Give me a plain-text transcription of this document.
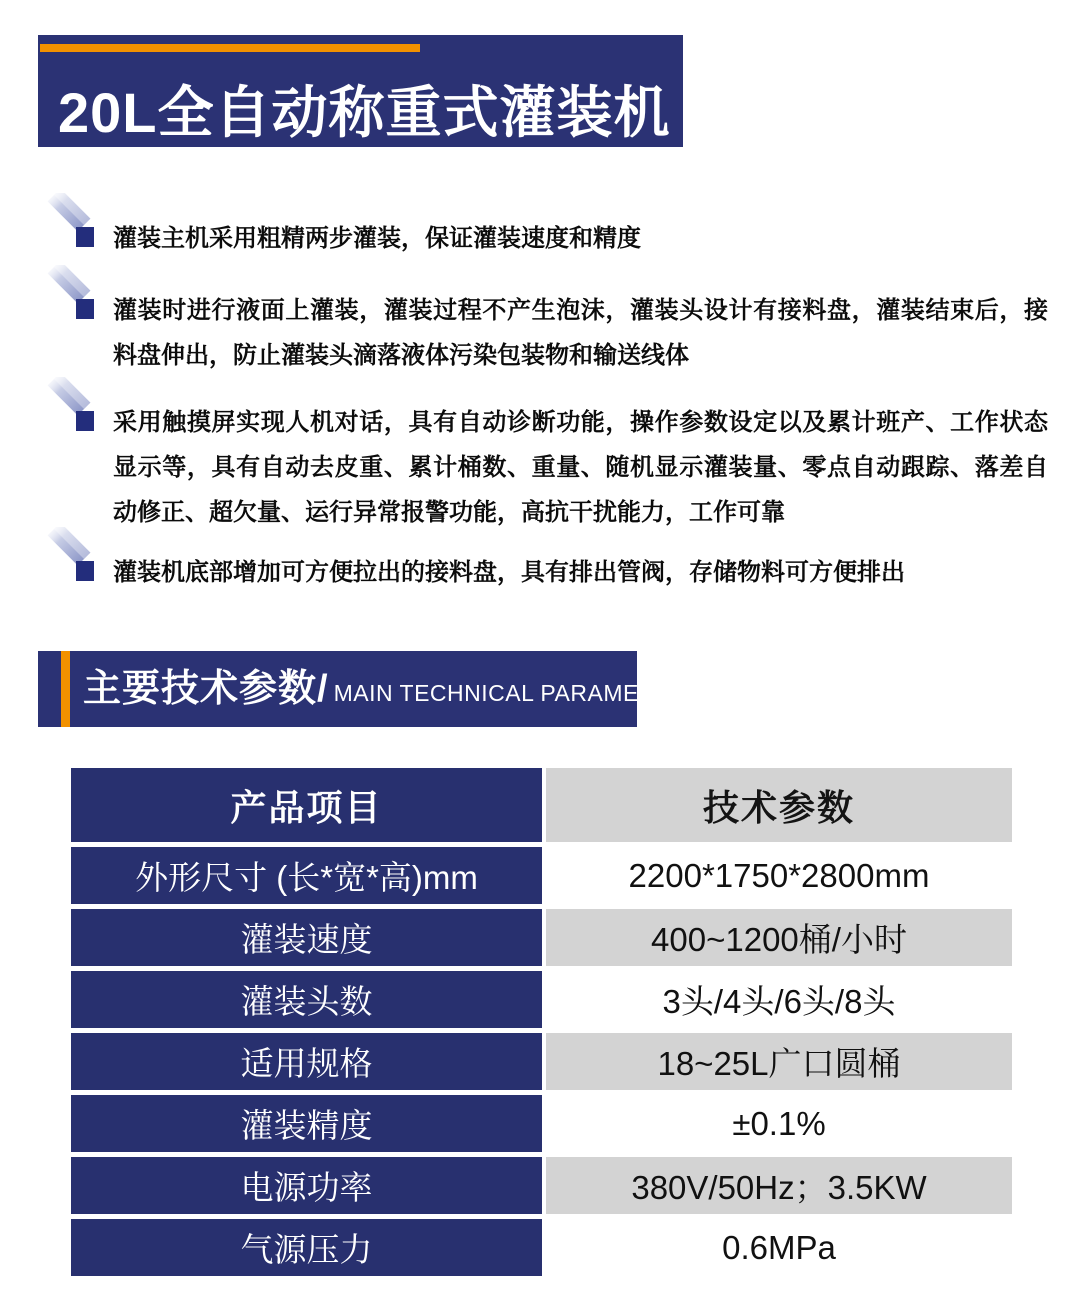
20L全自动称重式灌装机
灌装主机采用粗精两步灌装，保证灌装速度和精度
灌装时进行液面上灌装，灌装过程不产生泡沫，灌装头设计有接料盘，灌装结束后，接料盘伸出，防止灌装头滴落液体污染包装物和输送线体
采用触摸屏实现人机对话，具有自动诊断功能，操作参数设定以及累计班产、工作状态显示等，具有自动去皮重、累计桶数、重量、随机显示灌装量、零点自动跟踪、落差自动修正、超欠量、运行异常报警功能，高抗干扰能力，工作可靠
灌装机底部增加可方便拉出的接料盘，具有排出管阀，存储物料可方便排出
主要技术参数/ MAIN TECHNICAL PARAMETERS
产品项目	技术参数
外形尺寸 (长*宽*高)mm	2200*1750*2800mm
灌装速度	400~1200桶/小时
灌装头数	3头/4头/6头/8头
适用规格	18~25L广口圆桶
灌装精度	±0.1%
电源功率	380V/50Hz；3.5KW
气源压力	0.6MPa
